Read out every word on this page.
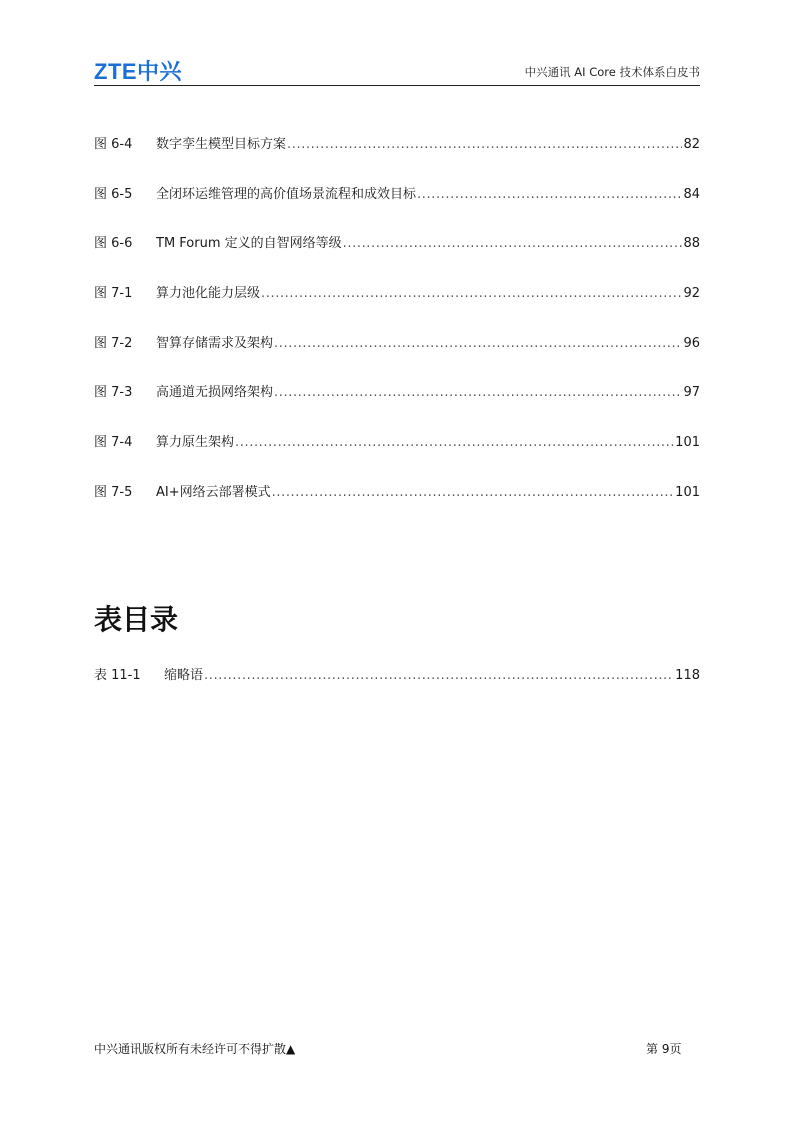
ZTE中兴	中兴通讯 AI Core 技术体系白皮书
图 6-4	数字孪生模型目标方案 .....	82
图 6-5	全闭环运维管理的高价值场景流程和成效目标 .....	84
图 6-6	TM Forum 定义的自智网络等级 .....	88
图 7-1	算力池化能力层级 .....	92
图 7-2	智算存储需求及架构 .....	96
图 7-3	高通道无损网络架构 .....	97
图 7-4	算力原生架构 .....	101
图 7-5	AI+网络云部署模式 .....	101
表目录
表 11-1	缩略语 .....	118
中兴通讯版权所有未经许可不得扩散▲	第 9页
